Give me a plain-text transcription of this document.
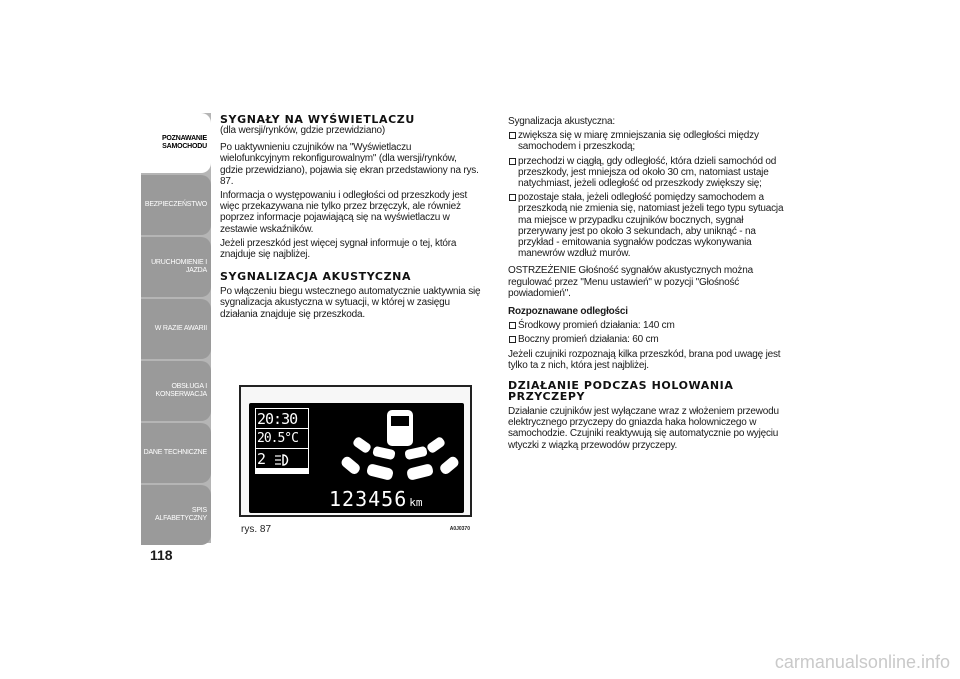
POZNAWANIE
SAMOCHODU
BEZPIECZEŃSTWO
URUCHOMIENIE I
JAZDA
W RAZIE AWARII
OBSŁUGA I
KONSERWACJA
DANE TECHNICZNE
SPIS ALFABETYCZNY
118
SYGNAŁY NA WYŚWIETLACZU

(dla wersji/rynków, gdzie przewidziano)

Po uaktywnieniu czujników na "Wyświetlaczu wielofunkcyjnym rekonfigurowalnym" (dla wersji/rynków, gdzie przewidziano), pojawia się ekran przedstawiony na rys. 87.

Informacja o występowaniu i odległości od przeszkody jest więc przekazywana nie tylko przez brzęczyk, ale również poprzez informacje pojawiającą się na wyświetlaczu w zestawie wskaźników.

Jeżeli przeszkód jest więcej sygnał informuje o tej, która znajduje się najbliżej.

SYGNALIZACJA AKUSTYCZNA

Po włączeniu biegu wstecznego automatycznie uaktywnia się sygnalizacja akustyczna w sytuacji, w której w zasięgu działania znajduje się przeszkoda.

20:30
20.5°C
2
123456 km
rys. 87	A0J0370

Sygnalizacja akustyczna:

zwiększa się w miarę zmniejszania się odległości między samochodem i przeszkodą;
przechodzi w ciągłą, gdy odległość, która dzieli samochód od przeszkody, jest mniejsza od około 30 cm, natomiast ustaje natychmiast, jeżeli odległość od przeszkody zwiększy się;
pozostaje stała, jeżeli odległość pomiędzy samochodem a przeszkodą nie zmienia się, natomiast jeżeli tego typu sytuacja ma miejsce w przypadku czujników bocznych, sygnał przerywany jest po około 3 sekundach, aby uniknąć - na przykład - emitowania sygnałów podczas wykonywania manewrów wzdłuż murów.

OSTRZEŻENIE Głośność sygnałów akustycznych można regulować przez "Menu ustawień" w pozycji "Głośność powiadomień".

Rozpoznawane odległości

Środkowy promień działania: 140 cm
Boczny promień działania: 60 cm

Jeżeli czujniki rozpoznają kilka przeszkód, brana pod uwagę jest tylko ta z nich, która jest najbliżej.

DZIAŁANIE PODCZAS HOLOWANIA PRZYCZEPY

Działanie czujników jest wyłączane wraz z włożeniem przewodu elektrycznego przyczepy do gniazda haka holowniczego w samochodzie. Czujniki reaktywują się automatycznie po wyjęciu wtyczki z wiązką przewodów przyczepy.

carmanualsonline.info
